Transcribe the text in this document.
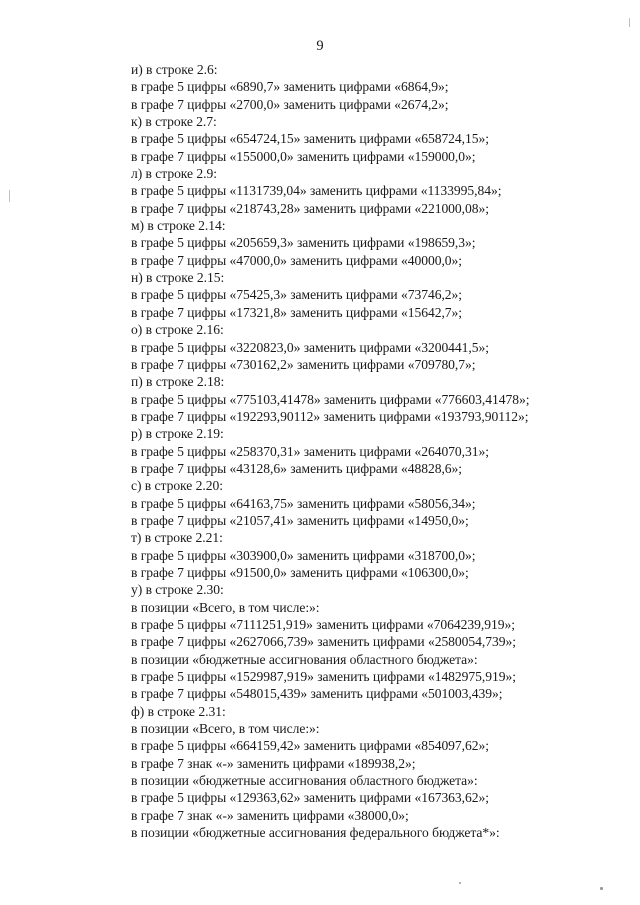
9
и) в строке 2.6:
в графе 5 цифры «6890,7» заменить цифрами «6864,9»;
в графе 7 цифры «2700,0» заменить цифрами «2674,2»;
к) в строке 2.7:
в графе 5 цифры «654724,15» заменить цифрами «658724,15»;
в графе 7 цифры «155000,0» заменить цифрами «159000,0»;
л) в строке 2.9:
в графе 5 цифры «1131739,04» заменить цифрами «1133995,84»;
в графе 7 цифры «218743,28» заменить цифрами «221000,08»;
м) в строке 2.14:
в графе 5 цифры «205659,3» заменить цифрами «198659,3»;
в графе 7 цифры «47000,0» заменить цифрами «40000,0»;
н) в строке 2.15:
в графе 5 цифры «75425,3» заменить цифрами «73746,2»;
в графе 7 цифры «17321,8» заменить цифрами «15642,7»;
о) в строке 2.16:
в графе 5 цифры «3220823,0» заменить цифрами «3200441,5»;
в графе 7 цифры «730162,2» заменить цифрами «709780,7»;
п) в строке 2.18:
в графе 5 цифры «775103,41478» заменить цифрами «776603,41478»;
в графе 7 цифры «192293,90112» заменить цифрами «193793,90112»;
р) в строке 2.19:
в графе 5 цифры «258370,31» заменить цифрами «264070,31»;
в графе 7 цифры «43128,6» заменить цифрами «48828,6»;
с) в строке 2.20:
в графе 5 цифры «64163,75» заменить цифрами «58056,34»;
в графе 7 цифры «21057,41» заменить цифрами «14950,0»;
т) в строке 2.21:
в графе 5 цифры «303900,0» заменить цифрами «318700,0»;
в графе 7 цифры «91500,0» заменить цифрами «106300,0»;
у) в строке 2.30:
в позиции «Всего, в том числе:»:
в графе 5 цифры «7111251,919» заменить цифрами «7064239,919»;
в графе 7 цифры «2627066,739» заменить цифрами «2580054,739»;
в позиции «бюджетные ассигнования областного бюджета»:
в графе 5 цифры «1529987,919» заменить цифрами «1482975,919»;
в графе 7 цифры «548015,439» заменить цифрами «501003,439»;
ф) в строке 2.31:
в позиции «Всего, в том числе:»:
в графе 5 цифры «664159,42» заменить цифрами «854097,62»;
в графе 7 знак «-» заменить цифрами «189938,2»;
в позиции «бюджетные ассигнования областного бюджета»:
в графе 5 цифры «129363,62» заменить цифрами «167363,62»;
в графе 7 знак «-» заменить цифрами «38000,0»;
в позиции «бюджетные ассигнования федерального бюджета*»:
